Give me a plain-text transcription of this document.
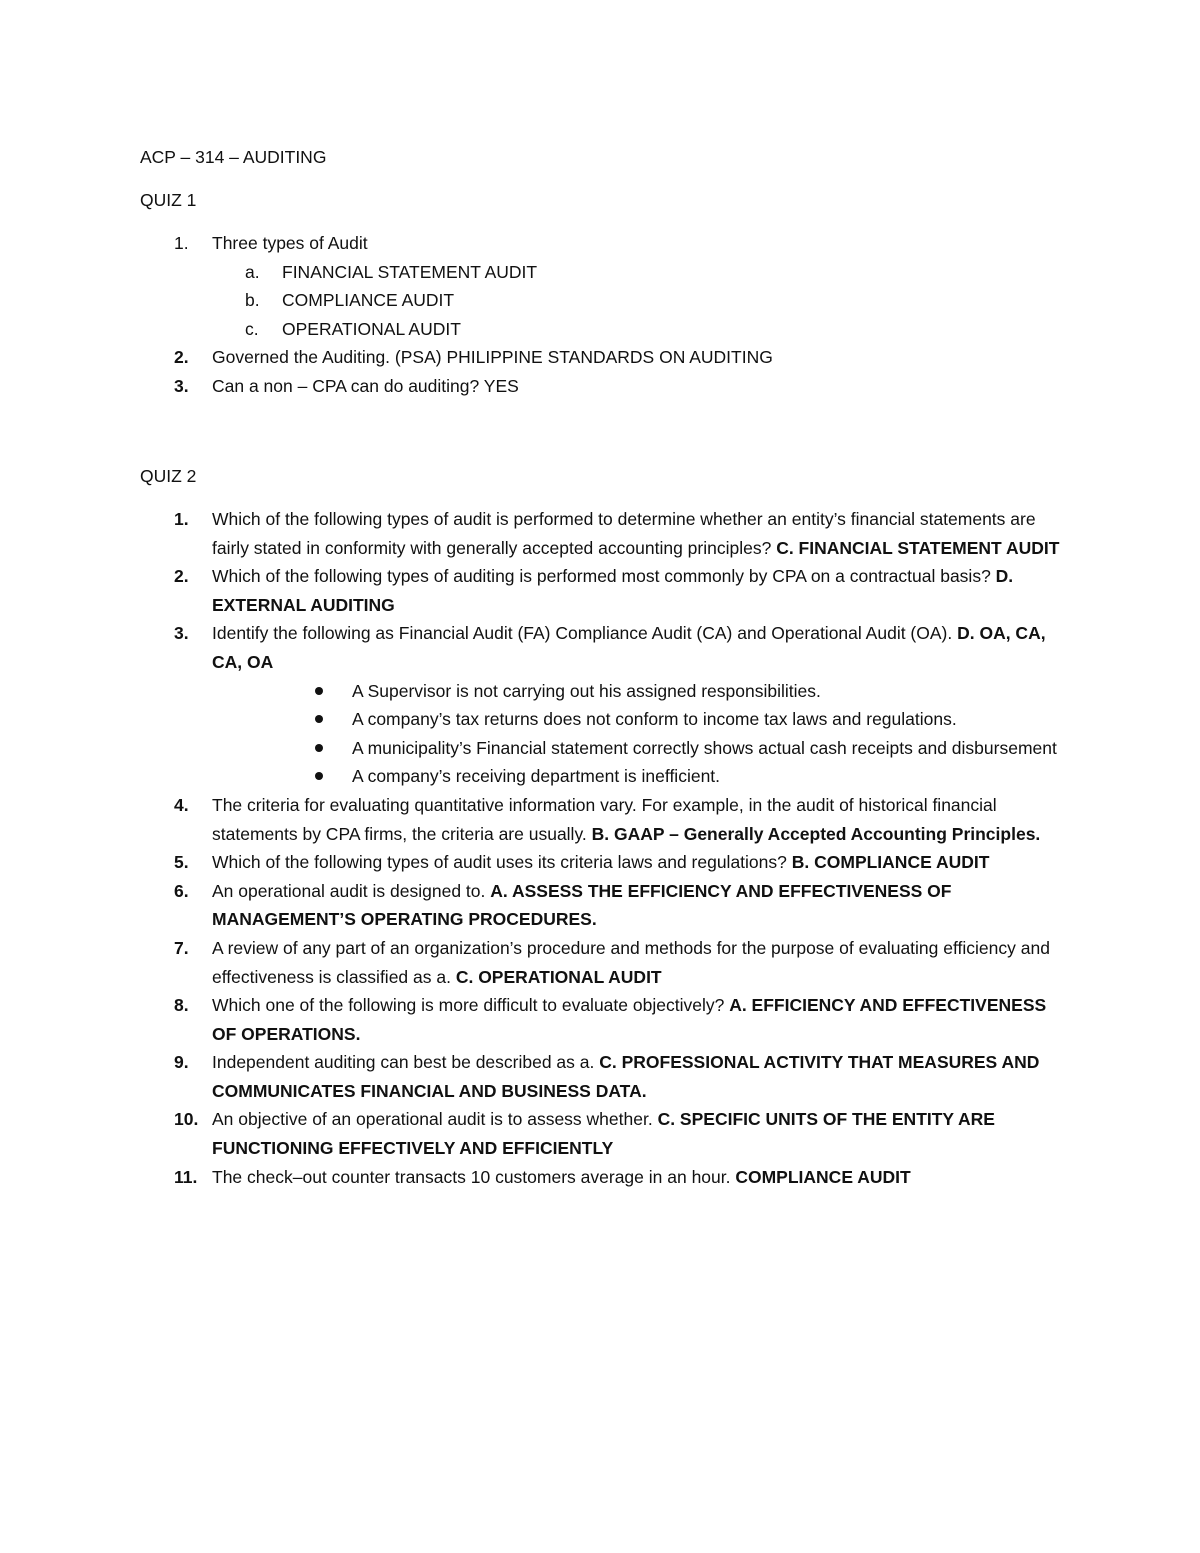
ACP – 314 – AUDITING

QUIZ 1

1. Three types of Audit
a. FINANCIAL STATEMENT AUDIT
b. COMPLIANCE AUDIT
c. OPERATIONAL AUDIT
2. Governed the Auditing. (PSA) PHILIPPINE STANDARDS ON AUDITING
3. Can a non – CPA can do auditing? YES

QUIZ 2

1. Which of the following types of audit is performed to determine whether an entity’s financial statements are fairly stated in conformity with generally accepted accounting principles? C. FINANCIAL STATEMENT AUDIT
2. Which of the following types of auditing is performed most commonly by CPA on a contractual basis? D. EXTERNAL AUDITING
3. Identify the following as Financial Audit (FA) Compliance Audit (CA) and Operational Audit (OA). D. OA, CA, CA, OA
A Supervisor is not carrying out his assigned responsibilities.
A company’s tax returns does not conform to income tax laws and regulations.
A municipality’s Financial statement correctly shows actual cash receipts and disbursement
A company’s receiving department is inefficient.
4. The criteria for evaluating quantitative information vary. For example, in the audit of historical financial statements by CPA firms, the criteria are usually. B. GAAP – Generally Accepted Accounting Principles.
5. Which of the following types of audit uses its criteria laws and regulations? B. COMPLIANCE AUDIT
6. An operational audit is designed to. A. ASSESS THE EFFICIENCY AND EFFECTIVENESS OF MANAGEMENT’S OPERATING PROCEDURES.
7. A review of any part of an organization’s procedure and methods for the purpose of evaluating efficiency and effectiveness is classified as a. C. OPERATIONAL AUDIT
8. Which one of the following is more difficult to evaluate objectively? A. EFFICIENCY AND EFFECTIVENESS OF OPERATIONS.
9. Independent auditing can best be described as a. C. PROFESSIONAL ACTIVITY THAT MEASURES AND COMMUNICATES FINANCIAL AND BUSINESS DATA.
10. An objective of an operational audit is to assess whether. C. SPECIFIC UNITS OF THE ENTITY ARE FUNCTIONING EFFECTIVELY AND EFFICIENTLY
11. The check–out counter transacts 10 customers average in an hour. COMPLIANCE AUDIT
